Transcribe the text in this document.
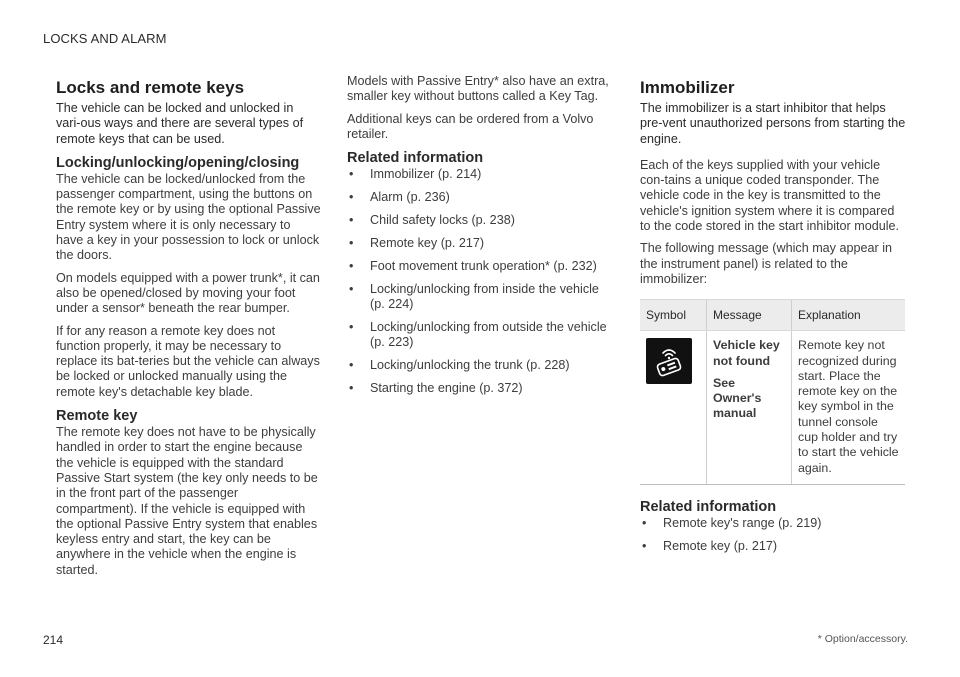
LOCKS AND ALARM
Locks and remote keys
The vehicle can be locked and unlocked in vari-ous ways and there are several types of remote keys that can be used.
Locking/unlocking/opening/closing

The vehicle can be locked/unlocked from the passenger compartment, using the buttons on the remote key or by using the optional Passive Entry system where it is only necessary to have a key in your possession to lock or unlock the doors.

On models equipped with a power trunk*, it can also be opened/closed by moving your foot under a sensor* beneath the rear bumper.

If for any reason a remote key does not function properly, it may be necessary to replace its bat-teries but the vehicle can always be locked or unlocked manually using the remote key's detachable key blade.

Remote key

The remote key does not have to be physically handled in order to start the engine because the vehicle is equipped with the standard Passive Start system (the key only needs to be in the front part of the passenger compartment). If the vehicle is equipped with the optional Passive Entry system that enables keyless entry and start, the key can be anywhere in the vehicle when the engine is started.

Models with Passive Entry* also have an extra, smaller key without buttons called a Key Tag.

Additional keys can be ordered from a Volvo retailer.

Related information
• Immobilizer (p. 214)
• Alarm (p. 236)
• Child safety locks (p. 238)
• Remote key (p. 217)
• Foot movement trunk operation* (p. 232)
• Locking/unlocking from inside the vehicle (p. 224)
• Locking/unlocking from outside the vehicle (p. 223)
• Locking/unlocking the trunk (p. 228)
• Starting the engine (p. 372)
Immobilizer
The immobilizer is a start inhibitor that helps pre-vent unauthorized persons from starting the engine.

Each of the keys supplied with your vehicle con-tains a unique coded transponder. The vehicle code in the key is transmitted to the vehicle's ignition system where it is compared to the code stored in the start inhibitor module.

The following message (which may appear in the instrument panel) is related to the immobilizer:

Symbol	Message	Explanation

Vehicle key not found
See Owner's manual	Remote key not recognized during start. Place the remote key on the key symbol in the tunnel console cup holder and try to start the vehicle again.
Related information
• Remote key's range (p. 219)
• Remote key (p. 217)
214	* Option/accessory.
